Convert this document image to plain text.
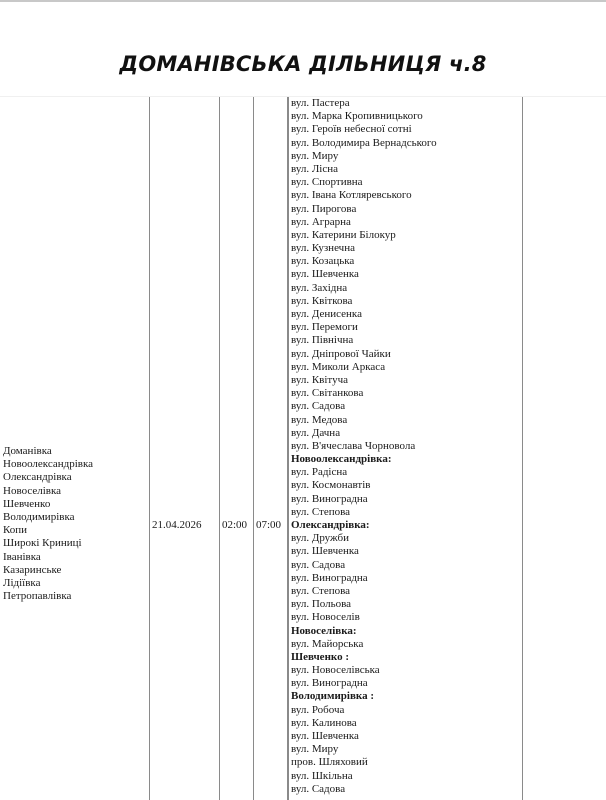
ДОМАНІВСЬКА ДІЛЬНИЦЯ ч.8
Доманівка
Новоолександрівка
Олександрівка
Новоселівка
Шевченко
Володимирівка
Копи
Широкі Криниці
Іванівка
Казаринське
Лідіївка
Петропавлівка
21.04.2026 02:00 07:00
вул. Пастера
вул. Марка Кропивницького
вул. Героїв небесної сотні
вул. Володимира Вернадського
вул. Миру
вул. Лісна
вул. Спортивна
вул. Івана Котляревського
вул. Пирогова
вул. Аграрна
вул. Катерини Білокур
вул. Кузнечна
вул. Козацька
вул. Шевченка
вул. Західна
вул. Квіткова
вул. Денисенка
вул. Перемоги
вул. Північна
вул. Дніпрової Чайки
вул. Миколи Аркаса
вул. Квітуча
вул. Світанкова
вул. Садова
вул. Медова
вул. Дачна
вул. В'ячеслава Чорновола
Новоолександрівка:
вул. Радісна
вул. Космонавтів
вул. Виноградна
вул. Степова
Олександрівка:
вул. Дружби
вул. Шевченка
вул. Садова
вул. Виноградна
вул. Степова
вул. Польова
вул. Новоселів
Новоселівка:
вул. Майорська
Шевченко :
вул. Новоселівська
вул. Виноградна
Володимирівка :
вул. Робоча
вул. Калинова
вул. Шевченка
вул. Миру
пров. Шляховий
вул. Шкільна
вул. Садова
